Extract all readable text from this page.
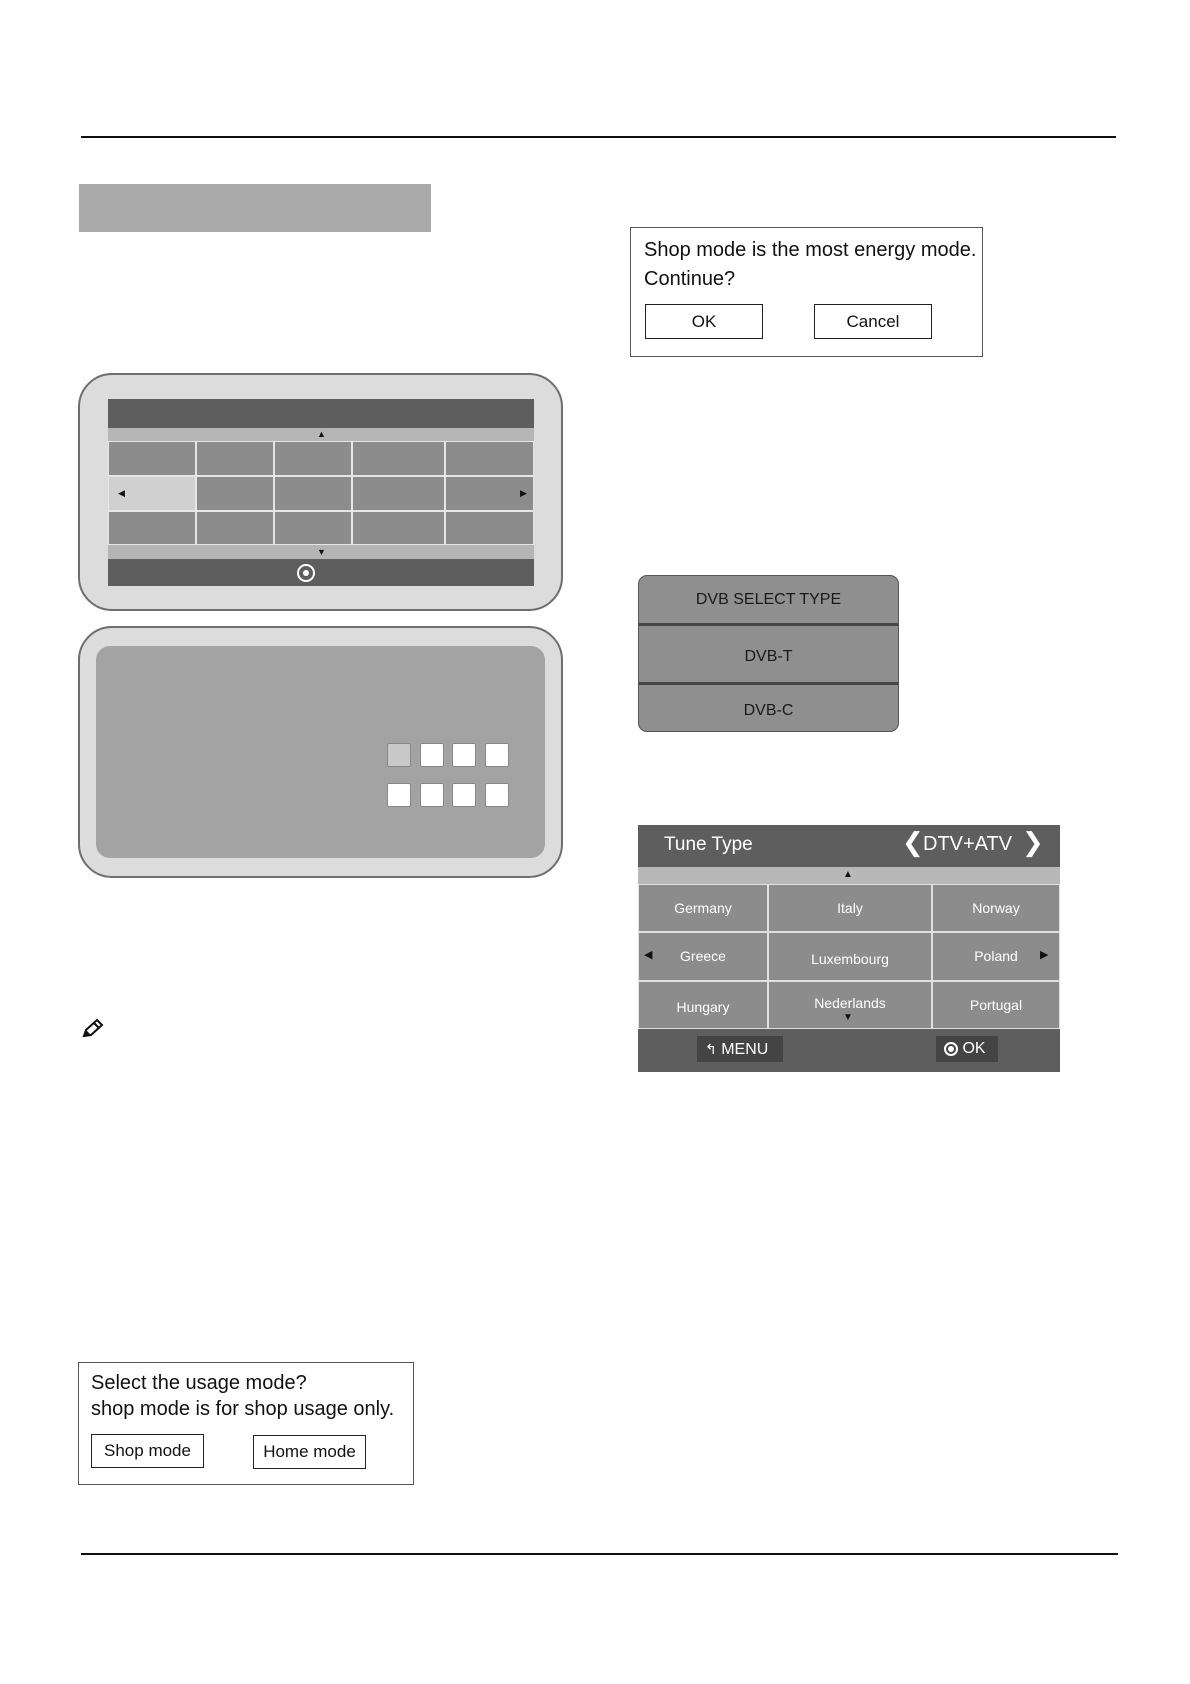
▲
◀	▶
▼
Shop mode is the most energy mode.
Continue?
OK	Cancel
DVB SELECT TYPE
DVB-T
DVB-C
Tune Type	❮ DTV+ATV ❯
▲
Germany	Italy	Norway
Greece	Luxembourg	Poland
Hungary	Nederlands	Portugal
◀	▶
▼
↰ MENU	OK
Select the usage mode?
shop mode is for shop usage only.
Shop mode	Home mode
